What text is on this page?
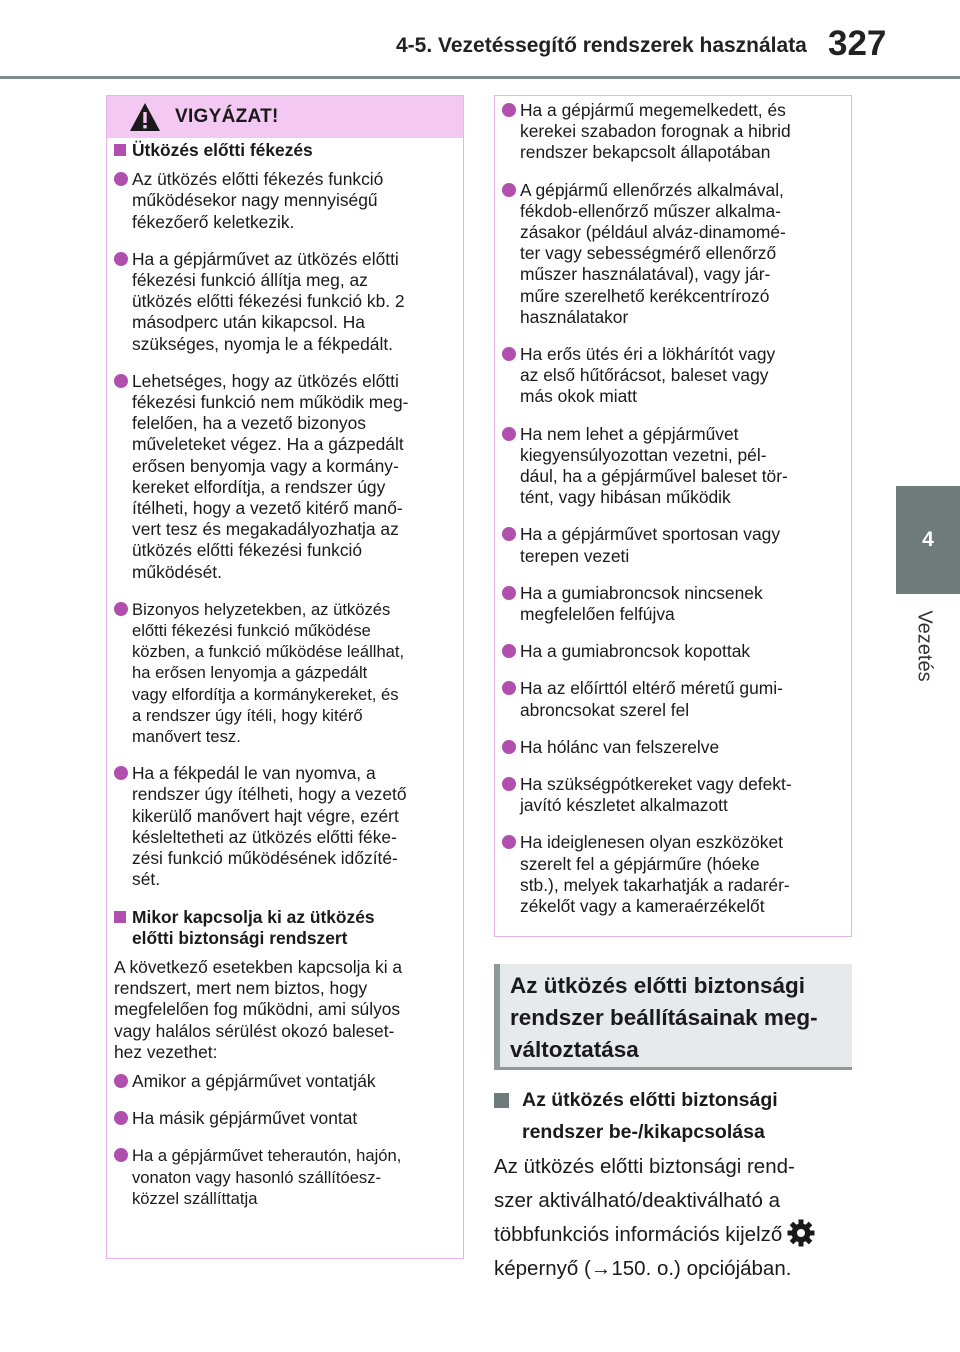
4-5. Vezetéssegítő rendszerek használata 327
4
Vezetés
VIGYÁZAT!
Ütközés előtti fékezés
Az ütközés előtti fékezés funkció
működésekor nagy mennyiségű
fékezőerő keletkezik.
Ha a gépjárművet az ütközés előtti
fékezési funkció állítja meg, az
ütközés előtti fékezési funkció kb. 2
másodperc után kikapcsol. Ha
szükséges, nyomja le a fékpedált.
Lehetséges, hogy az ütközés előtti
fékezési funkció nem működik meg-
felelően, ha a vezető bizonyos
műveleteket végez. Ha a gázpedált
erősen benyomja vagy a kormány-
kereket elfordítja, a rendszer úgy
ítélheti, hogy a vezető kitérő manő-
vert tesz és megakadályozhatja az
ütközés előtti fékezési funkció
működését.
Bizonyos helyzetekben, az ütközés
előtti fékezési funkció működése
közben, a funkció működése leállhat,
ha erősen lenyomja a gázpedált
vagy elfordítja a kormánykereket, és
a rendszer úgy ítéli, hogy kitérő
manővert tesz.
Ha a fékpedál le van nyomva, a
rendszer úgy ítélheti, hogy a vezető
kikerülő manővert hajt végre, ezért
késleltetheti az ütközés előtti féke-
zési funkció működésének időzíté-
sét.
Mikor kapcsolja ki az ütközés
előtti biztonsági rendszert
A következő esetekben kapcsolja ki a
rendszert, mert nem biztos, hogy
megfelelően fog működni, ami súlyos
vagy halálos sérülést okozó baleset-
hez vezethet:
Amikor a gépjárművet vontatják
Ha másik gépjárművet vontat
Ha a gépjárművet teherautón, hajón,
vonaton vagy hasonló szállítóesz-
közzel szállíttatja
Ha a gépjármű megemelkedett, és
kerekei szabadon forognak a hibrid
rendszer bekapcsolt állapotában
A gépjármű ellenőrzés alkalmával,
fékdob-ellenőrző műszer alkalma-
zásakor (például alváz-dinamomé-
ter vagy sebességmérő ellenőrző
műszer használatával), vagy jár-
műre szerelhető kerékcentrírozó
használatakor
Ha erős ütés éri a lökhárítót vagy
az első hűtőrácsot, baleset vagy
más okok miatt
Ha nem lehet a gépjárművet
kiegyensúlyozottan vezetni, pél-
dául, ha a gépjárművel baleset tör-
tént, vagy hibásan működik
Ha a gépjárművet sportosan vagy
terepen vezeti
Ha a gumiabroncsok nincsenek
megfelelően felfújva
Ha a gumiabroncsok kopottak
Ha az előírttól eltérő méretű gumi-
abroncsokat szerel fel
Ha hólánc van felszerelve
Ha szükségpótkereket vagy defekt-
javító készletet alkalmazott
Ha ideiglenesen olyan eszközöket
szerelt fel a gépjárműre (hóeke
stb.), melyek takarhatják a radarér-
zékelőt vagy a kameraérzékelőt
Az ütközés előtti biztonsági
rendszer beállításainak meg-
változtatása
Az ütközés előtti biztonsági
rendszer be-/kikapcsolása
Az ütközés előtti biztonsági rend-
szer aktiválható/deaktiválható a
többfunkciós információs kijelző
képernyő (→150. o.) opciójában.
